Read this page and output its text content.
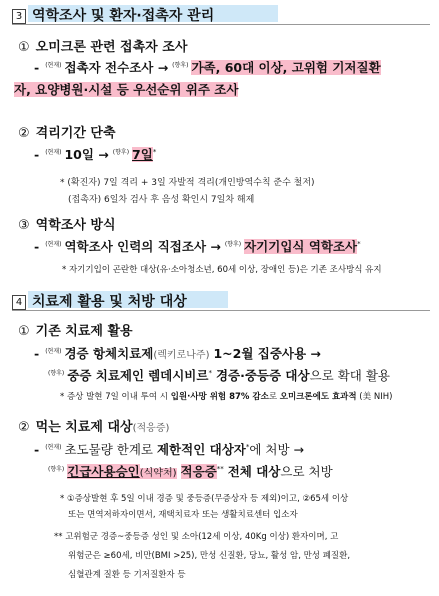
3 역학조사 및 환자·접촉자 관리
① 오미크론 관련 접촉자 조사
- $^{(현재)}$ 접촉자 전수조사 → $^{(향후)}$ 가족, 60대 이상, 고위험 기저질환
자, 요양병원·시설 등 우선순위 위주 조사
② 격리기간 단축
- $^{(현재)}$ 10일 → $^{(향후)}$ 7일*
* (확진자) 7일 격리 + 3일 자발적 격리(개인방역수칙 준수 철저)
(접촉자) 6일차 검사 후 음성 확인시 7일차 해제
③ 역학조사 방식
- $^{(현재)}$ 역학조사 인력의 직접조사 → $^{(향후)}$ 자기기입식 역학조사*
* 자기기입이 곤란한 대상(유·소아청소년, 60세 이상, 장애인 등)은 기존 조사방식 유지
4 치료제 활용 및 처방 대상
① 기존 치료제 활용
- $^{(현재)}$ 경증 항체치료제(렉키로나주) 1~2월 집중사용 →
$^{(향후)}$ 중증 치료제인 렘데시비르* 경증·중등증 대상으로 확대 활용
* 증상 발현 7일 이내 투여 시 입원·사망 위험 87% 감소로 오미크론에도 효과적 (美 NIH)
② 먹는 치료제 대상(적응증)
- $^{(현재)}$ 초도물량 한계로 제한적인 대상자*에 처방 →
$^{(향후)}$ 긴급사용승인(식약처) 적응증** 전체 대상으로 처방
* ①증상발현 후 5일 이내 경증 및 중등증(무증상자 등 제외)이고, ②65세 이상
또는 면역저하자이면서, 재택치료자 또는 생활치료센터 입소자
** 고위험군 경증~중등증 성인 및 소아(12세 이상, 40Kg 이상) 환자이며, 고
위험군은 ≥60세, 비만(BMI >25), 만성 신질환, 당뇨, 활성 암, 만성 폐질환,
심혈관계 질환 등 기저질환자 등
